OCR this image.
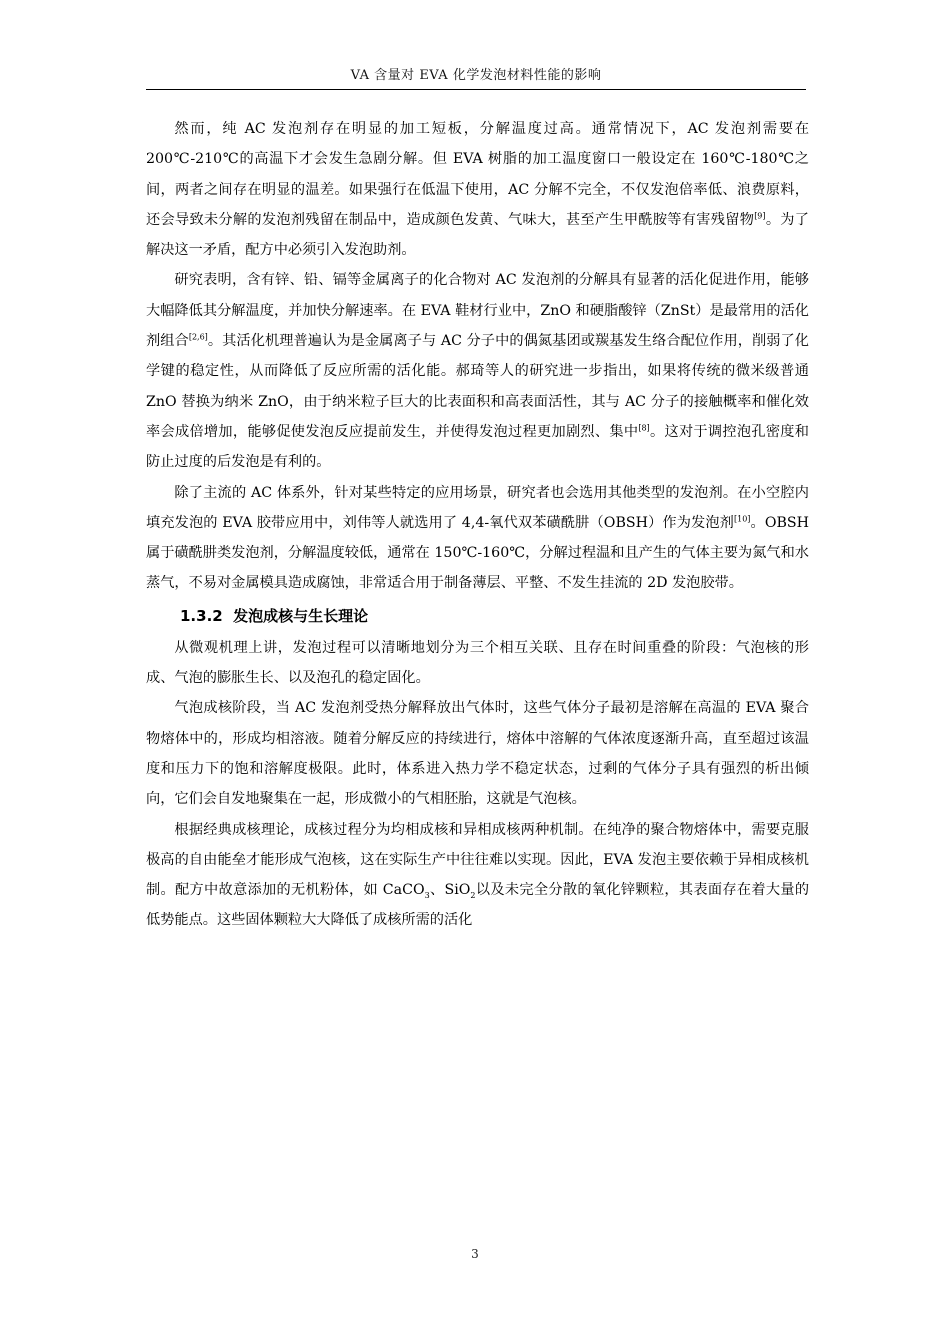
VA 含量对 EVA 化学发泡材料性能的影响

然而，纯 AC 发泡剂存在明显的加工短板，分解温度过高。通常情况下，AC 发泡剂需要在 200℃-210℃的高温下才会发生急剧分解。但 EVA 树脂的加工温度窗口一般设定在 160℃-180℃之间，两者之间存在明显的温差。如果强行在低温下使用，AC 分解不完全，不仅发泡倍率低、浪费原料，还会导致未分解的发泡剂残留在制品中，造成颜色发黄、气味大，甚至产生甲酰胺等有害残留物[9]。为了解决这一矛盾，配方中必须引入发泡助剂。

研究表明，含有锌、铅、镉等金属离子的化合物对 AC 发泡剂的分解具有显著的活化促进作用，能够大幅降低其分解温度，并加快分解速率。在 EVA 鞋材行业中，ZnO 和硬脂酸锌（ZnSt）是最常用的活化剂组合[2,6]。其活化机理普遍认为是金属离子与 AC 分子中的偶氮基团或羰基发生络合配位作用，削弱了化学键的稳定性，从而降低了反应所需的活化能。郝琦等人的研究进一步指出，如果将传统的微米级普通 ZnO 替换为纳米 ZnO，由于纳米粒子巨大的比表面积和高表面活性，其与 AC 分子的接触概率和催化效率会成倍增加，能够促使发泡反应提前发生，并使得发泡过程更加剧烈、集中[8]。这对于调控泡孔密度和防止过度的后发泡是有利的。

除了主流的 AC 体系外，针对某些特定的应用场景，研究者也会选用其他类型的发泡剂。在小空腔内填充发泡的 EVA 胶带应用中，刘伟等人就选用了 4,4-氧代双苯磺酰肼（OBSH）作为发泡剂[10]。OBSH 属于磺酰肼类发泡剂，分解温度较低，通常在 150℃-160℃，分解过程温和且产生的气体主要为氮气和水蒸气，不易对金属模具造成腐蚀，非常适合用于制备薄层、平整、不发生挂流的 2D 发泡胶带。

1.3.2 发泡成核与生长理论

从微观机理上讲，发泡过程可以清晰地划分为三个相互关联、且存在时间重叠的阶段：气泡核的形成、气泡的膨胀生长、以及泡孔的稳定固化。

气泡成核阶段，当 AC 发泡剂受热分解释放出气体时，这些气体分子最初是溶解在高温的 EVA 聚合物熔体中的，形成均相溶液。随着分解反应的持续进行，熔体中溶解的气体浓度逐渐升高，直至超过该温度和压力下的饱和溶解度极限。此时，体系进入热力学不稳定状态，过剩的气体分子具有强烈的析出倾向，它们会自发地聚集在一起，形成微小的气相胚胎，这就是气泡核。

根据经典成核理论，成核过程分为均相成核和异相成核两种机制。在纯净的聚合物熔体中，需要克服极高的自由能垒才能形成气泡核，这在实际生产中往往难以实现。因此，EVA 发泡主要依赖于异相成核机制。配方中故意添加的无机粉体，如 CaCO$_3$、SiO$_2$以及未完全分散的氧化锌颗粒，其表面存在着大量的低势能点。这些固体颗粒大大降低了成核所需的活化

3
